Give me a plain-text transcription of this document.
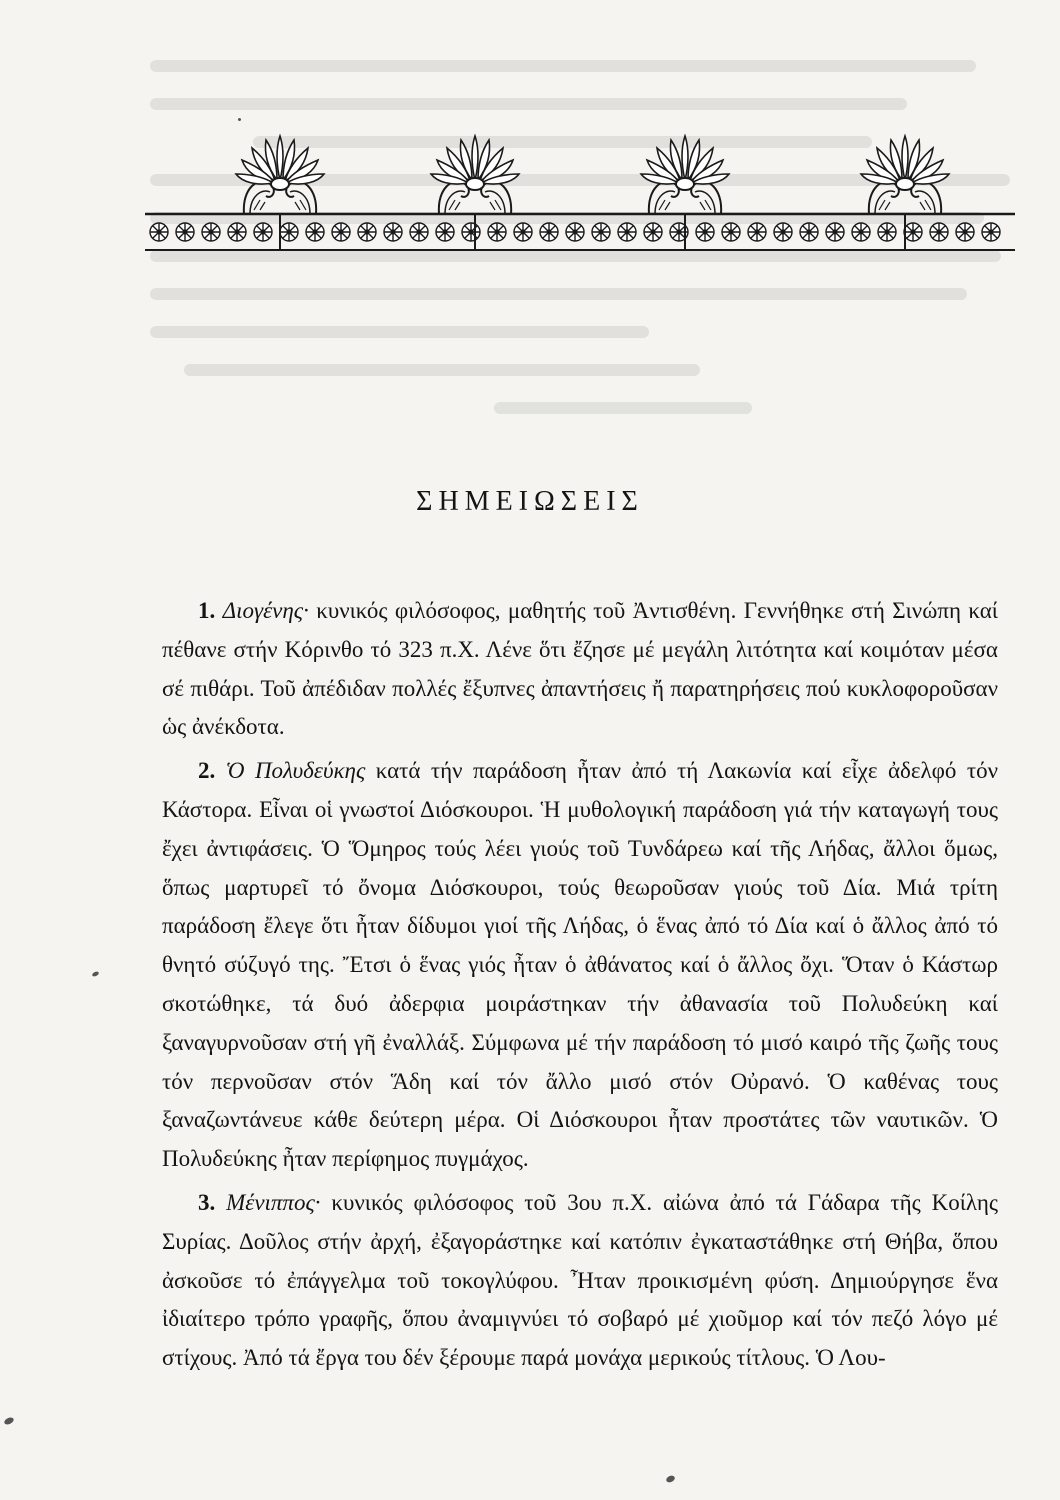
ΣΗΜΕΙΩΣΕΙΣ

1. Διογένης· κυνικός φιλόσοφος, μαθητής τοῦ Ἀντισθένη. Γεννήθηκε στή Σινώπη καί πέθανε στήν Κόρινθο τό 323 π.Χ. Λένε ὅτι ἔζησε μέ μεγάλη λιτότητα καί κοιμόταν μέσα σέ πιθάρι. Τοῦ ἀπέδιδαν πολλές ἔξυπνες ἀπαντήσεις ἤ παρατηρήσεις πού κυκλοφοροῦσαν ὡς ἀνέκδοτα.

2. Ὁ Πολυδεύκης κατά τήν παράδοση ἦταν ἀπό τή Λακωνία καί εἶχε ἀδελφό τόν Κάστορα. Εἶναι οἱ γνωστοί Διόσκουροι. Ἡ μυθολογική παράδοση γιά τήν καταγωγή τους ἔχει ἀντιφάσεις. Ὁ Ὅμηρος τούς λέει γιούς τοῦ Τυνδάρεω καί τῆς Λήδας, ἄλλοι ὅμως, ὅπως μαρτυρεῖ τό ὄνομα Διόσκουροι, τούς θεωροῦσαν γιούς τοῦ Δία. Μιά τρίτη παράδοση ἔλεγε ὅτι ἦταν δίδυμοι γιοί τῆς Λήδας, ὁ ἕνας ἀπό τό Δία καί ὁ ἄλλος ἀπό τό θνητό σύζυγό της. Ἔτσι ὁ ἕνας γιός ἦταν ὁ ἀθάνατος καί ὁ ἄλλος ὄχι. Ὅταν ὁ Κάστωρ σκοτώθηκε, τά δυό ἀδερφια μοιράστηκαν τήν ἀθανασία τοῦ Πολυδεύκη καί ξαναγυρνοῦσαν στή γῆ ἐναλλάξ. Σύμφωνα μέ τήν παράδοση τό μισό καιρό τῆς ζωῆς τους τόν περνοῦσαν στόν Ἅδη καί τόν ἄλλο μισό στόν Οὐρανό. Ὁ καθένας τους ξαναζωντάνευε κάθε δεύτερη μέρα. Οἱ Διόσκουροι ἦταν προστάτες τῶν ναυτικῶν. Ὁ Πολυδεύκης ἦταν περίφημος πυγμάχος.

3. Μένιππος· κυνικός φιλόσοφος τοῦ 3ου π.Χ. αἰώνα ἀπό τά Γάδαρα τῆς Κοίλης Συρίας. Δοῦλος στήν ἀρχή, ἐξαγοράστηκε καί κατόπιν ἐγκαταστάθηκε στή Θήβα, ὅπου ἀσκοῦσε τό ἐπάγγελμα τοῦ τοκογλύφου. Ἦταν προικισμένη φύση. Δημιούργησε ἕνα ἰδιαίτερο τρόπο γραφῆς, ὅπου ἀναμιγνύει τό σοβαρό μέ χιοῦμορ καί τόν πεζό λόγο μέ στίχους. Ἀπό τά ἔργα του δέν ξέρουμε παρά μονάχα μερικούς τίτλους. Ὁ Λου-
